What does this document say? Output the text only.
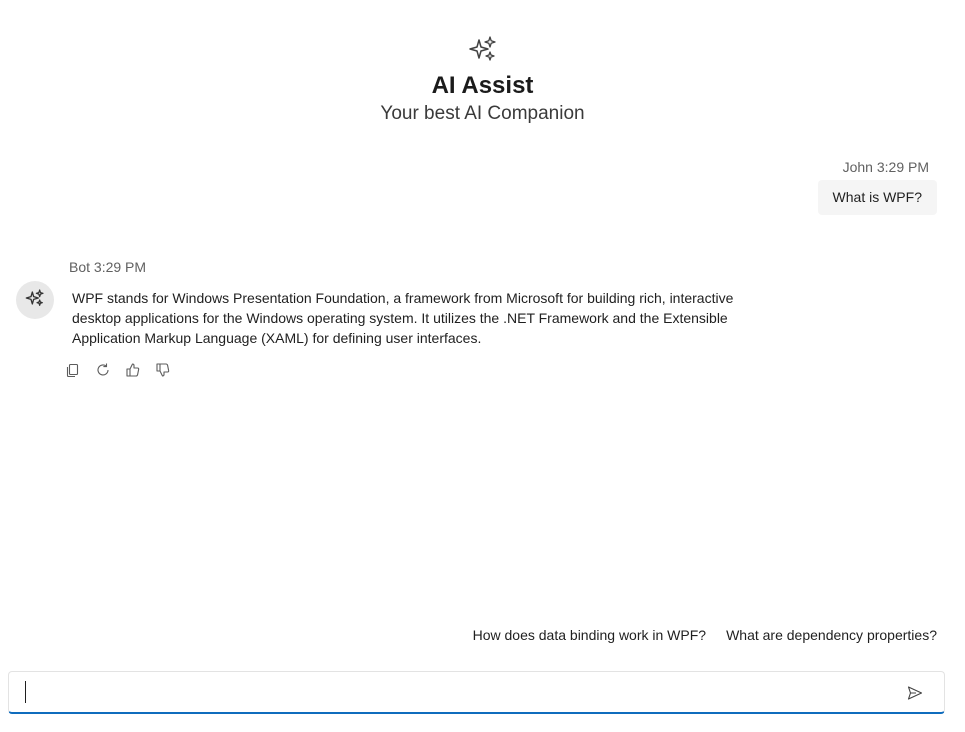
AI Assist
Your best AI Companion
John 3:29 PM
What is WPF?
Bot 3:29 PM
WPF stands for Windows Presentation Foundation, a framework from Microsoft for building rich, interactive desktop applications for the Windows operating system. It utilizes the .NET Framework and the Extensible Application Markup Language (XAML) for defining user interfaces.
How does data binding work in WPF? What are dependency properties?
